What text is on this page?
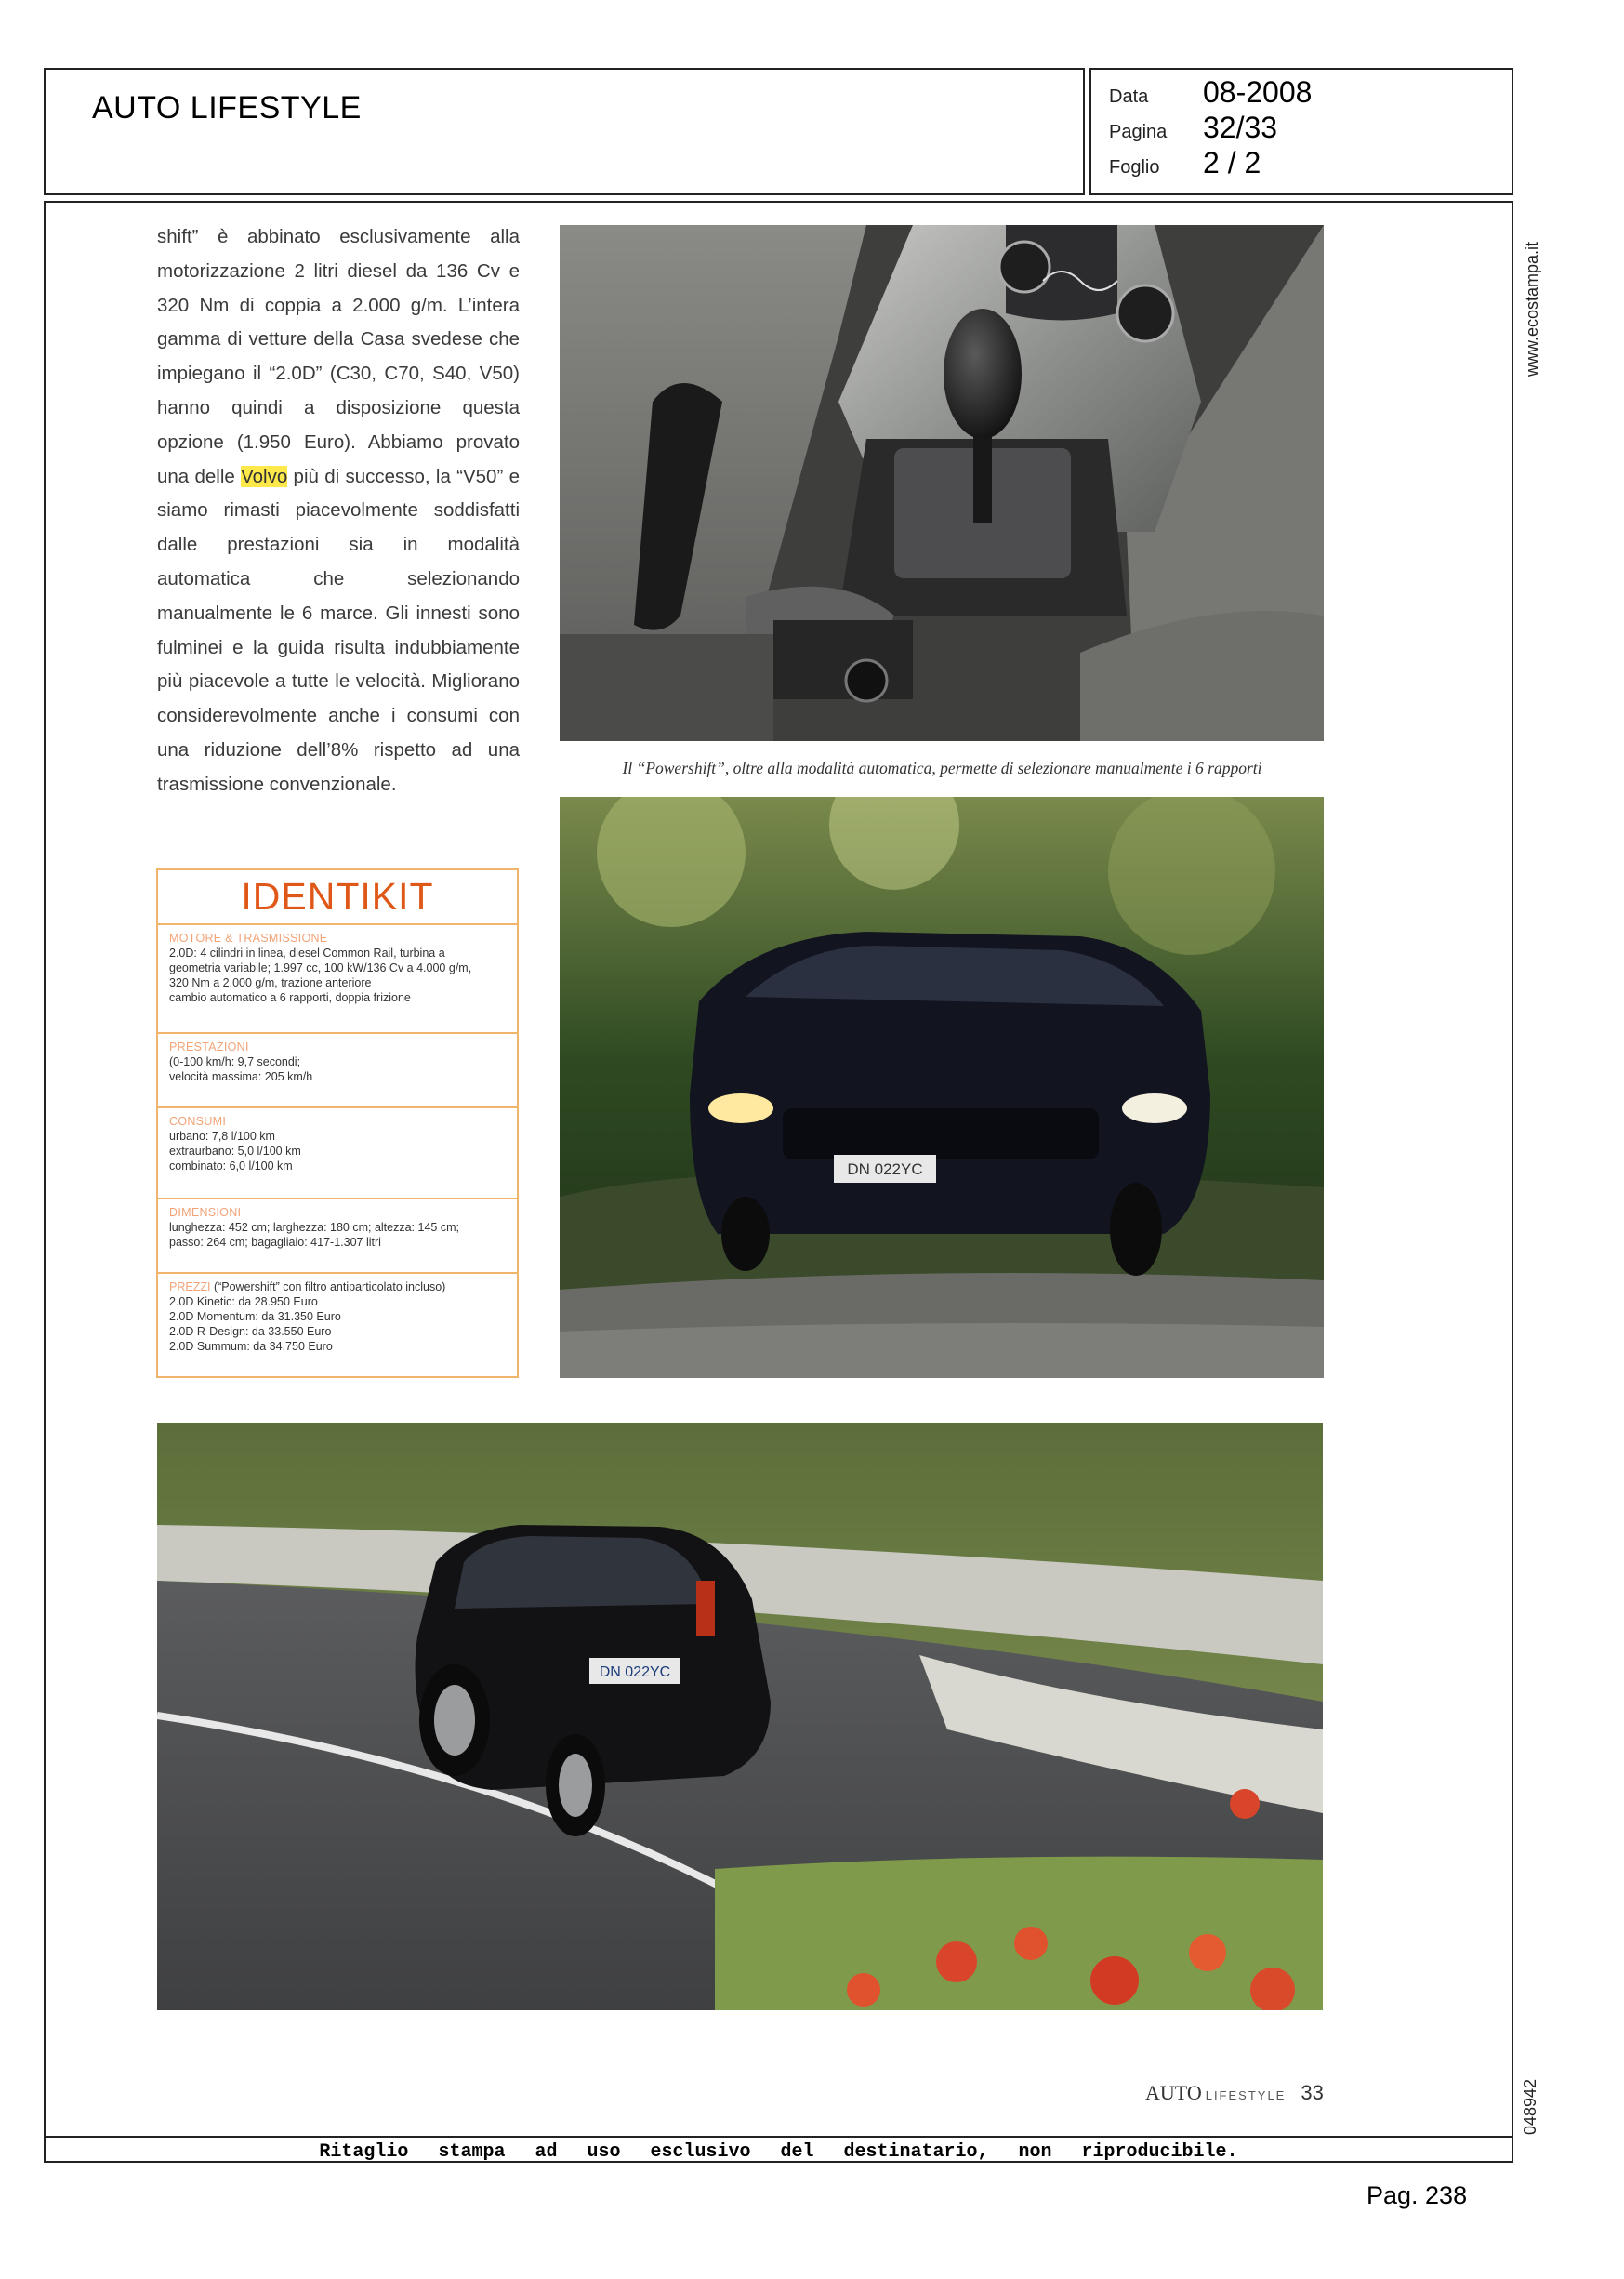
AUTO LIFESTYLE	Data	08-2008
Pagina	32/33
Foglio	2 / 2
Ritaglio stampa ad uso esclusivo del destinatario, non riproducibile.
www.ecostampa.it
048942
Pag. 238
shift” è abbinato esclusivamente alla motorizzazione 2 litri diesel da 136 Cv e 320 Nm di coppia a 2.000 g/m. L’intera gamma di vetture della Casa svedese che impiegano il “2.0D” (C30, C70, S40, V50) hanno quindi a disposizione questa opzione (1.950 Euro). Abbiamo provato una delle Volvo più di successo, la “V50” e siamo rimasti piacevolmente soddisfatti dalle prestazioni sia in modalità automatica che selezionando manualmente le 6 marce. Gli innesti sono fulminei e la guida risulta indubbiamente più piacevole a tutte le velocità. Migliorano considerevolmente anche i consumi con una riduzione dell’8% rispetto ad una trasmissione convenzionale.
IDENTIKIT
MOTORE & TRASMISSIONE
2.0D: 4 cilindri in linea, diesel Common Rail, turbina a
geometria variabile; 1.997 cc, 100 kW/136 Cv a 4.000 g/m,
320 Nm a 2.000 g/m, trazione anteriore
cambio automatico a 6 rapporti, doppia frizione
PRESTAZIONI
(0-100 km/h: 9,7 secondi;
velocità massima: 205 km/h
CONSUMI
urbano: 7,8 l/100 km
extraurbano: 5,0 l/100 km
combinato: 6,0 l/100 km
DIMENSIONI
lunghezza: 452 cm; larghezza: 180 cm; altezza: 145 cm;
passo: 264 cm; bagagliaio: 417-1.307 litri
PREZZI (“Powershift” con filtro antiparticolato incluso)
2.0D Kinetic: da 28.950 Euro
2.0D Momentum: da 31.350 Euro
2.0D R-Design: da 33.550 Euro
2.0D Summum: da 34.750 Euro
Il “Powershift”, oltre alla modalità automatica, permette di selezionare manualmente i 6 rapporti
DN 022YC
DN 022YC
AUTO LIFESTYLE 33
